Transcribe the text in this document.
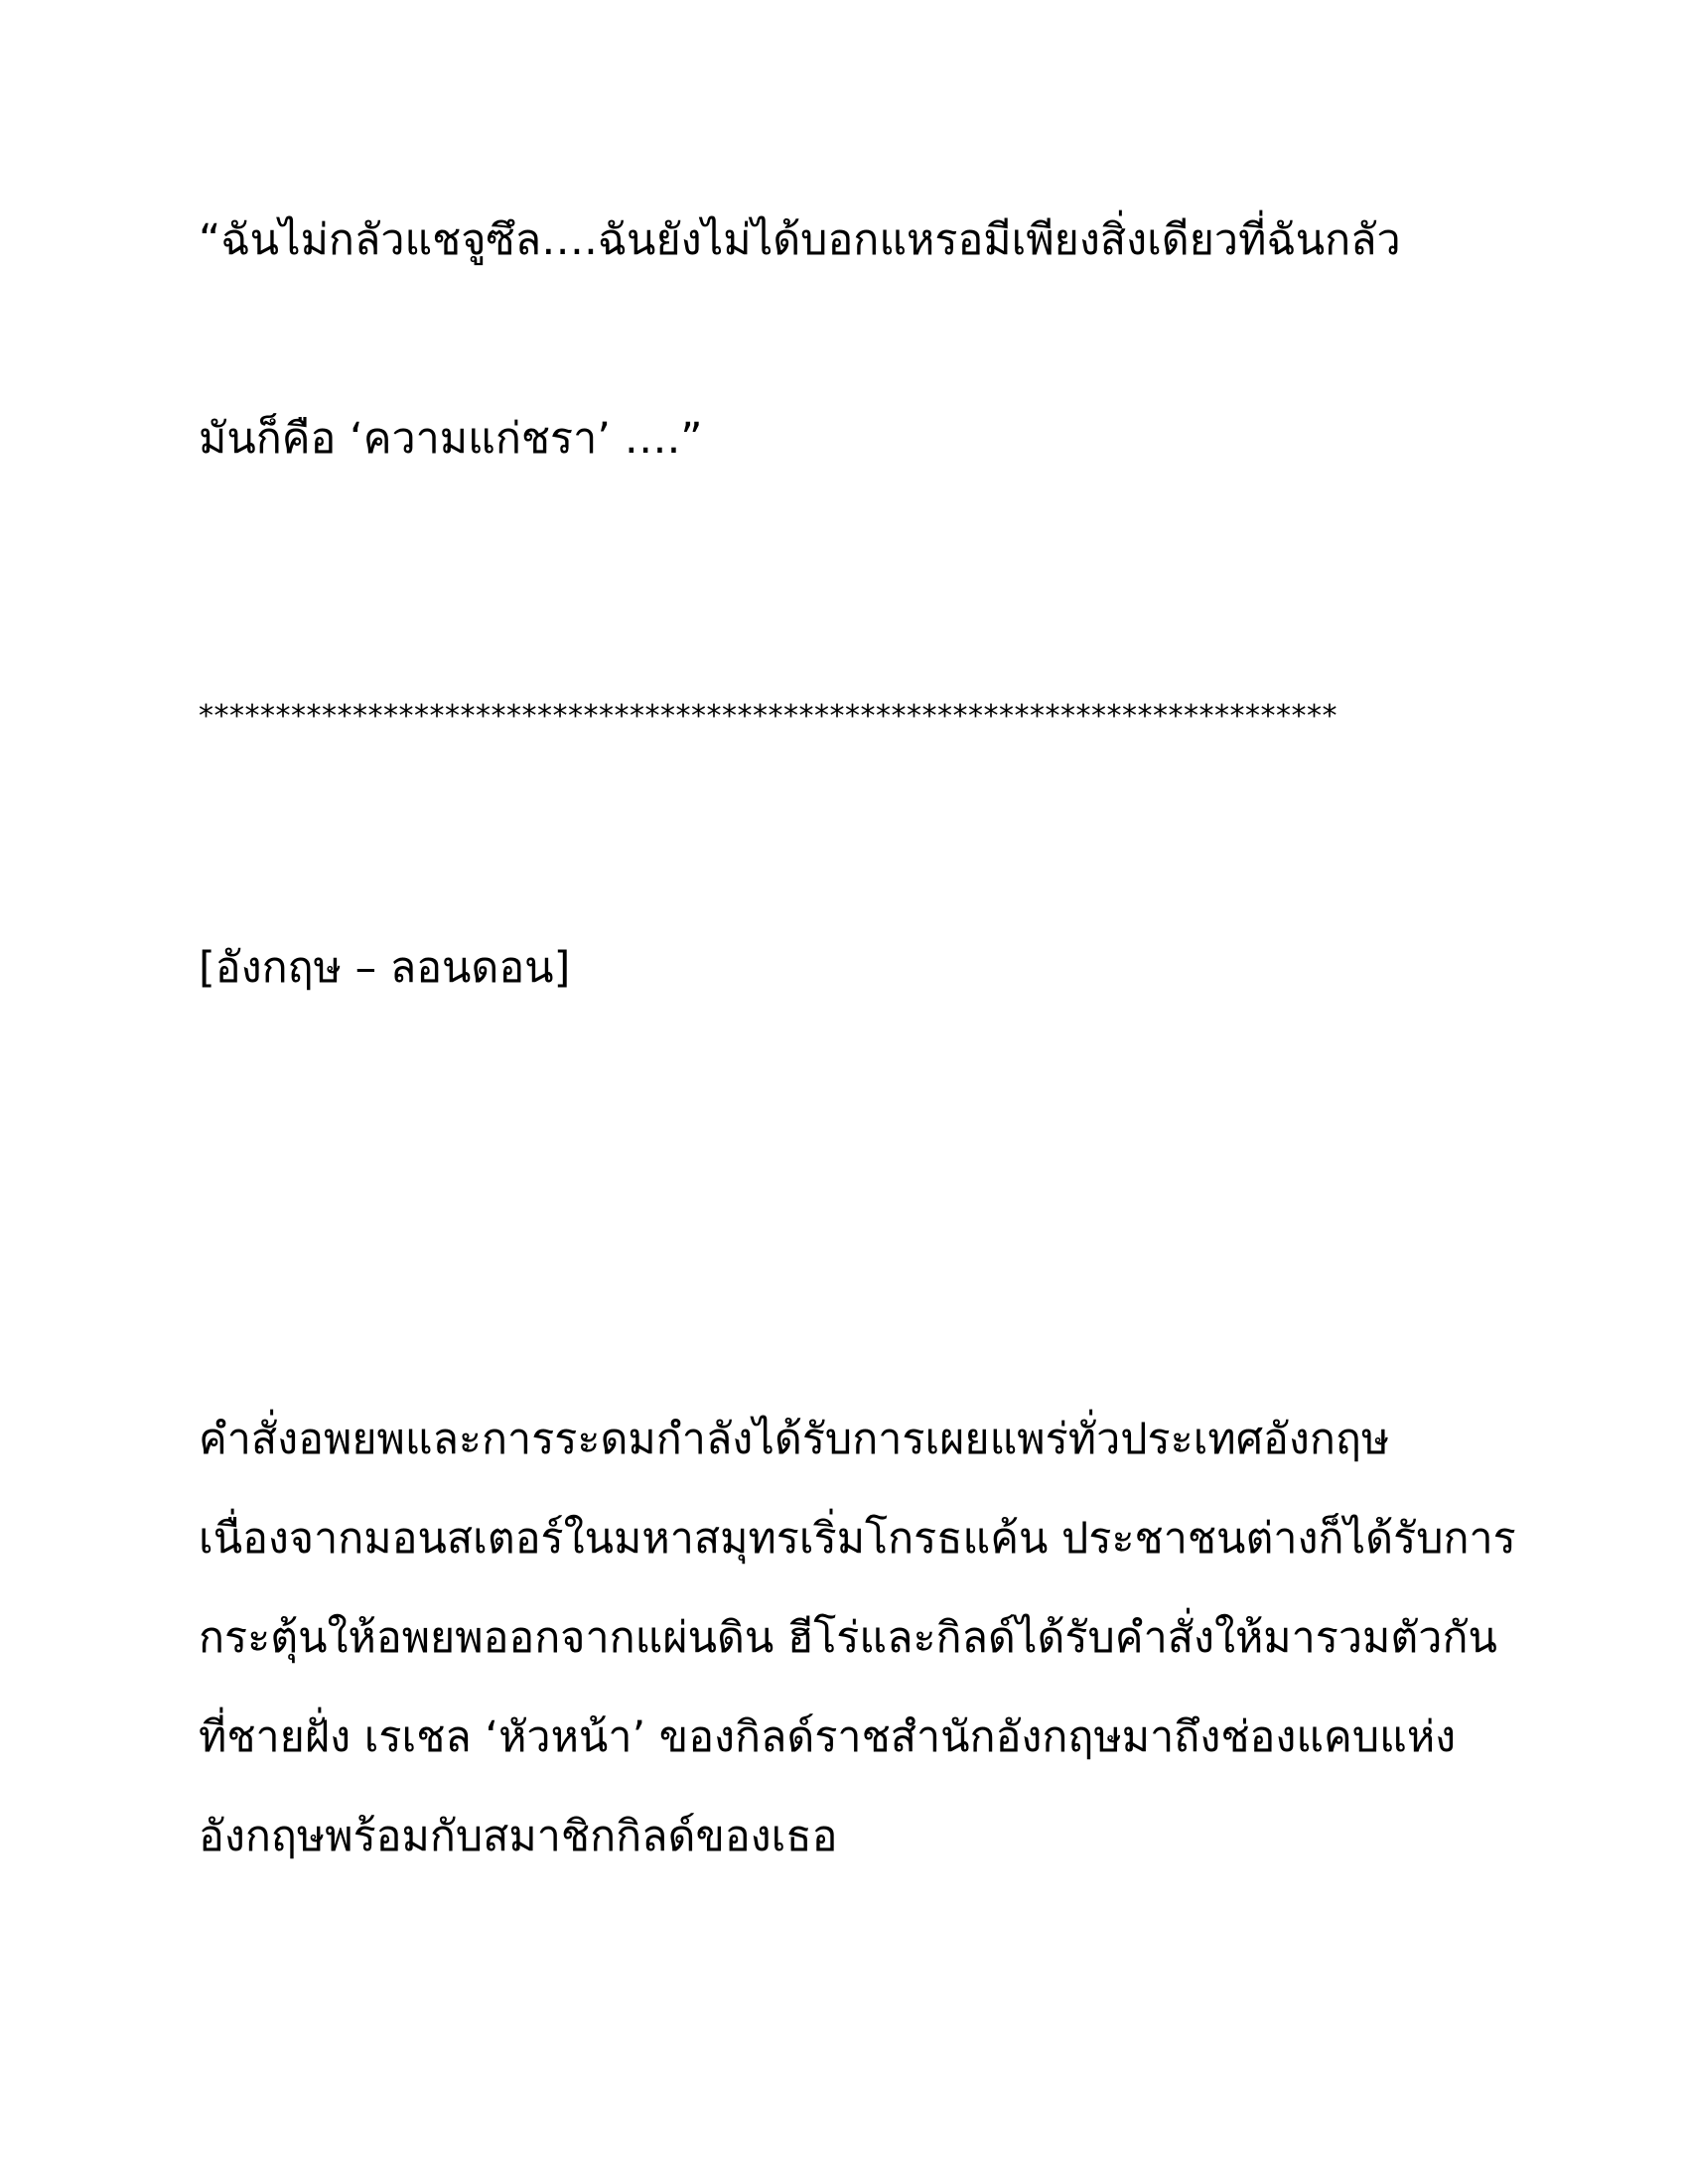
“ฉันไม่กลัวแชจูซึล….ฉันยังไม่ได้บอกแหรอมีเพียงสิ่งเดียวที่ฉันกลัว

มันก็คือ ‘ความแก่ชรา’ ….”

**************************************************************************

[อังกฤษ – ลอนดอน]

คำสั่งอพยพและการระดมกำลังได้รับการเผยแพร่ทั่วประเทศอังกฤษ

เนื่องจากมอนสเตอร์ในมหาสมุทรเริ่มโกรธแค้น ประชาชนต่างก็ได้รับการ

กระตุ้นให้อพยพออกจากแผ่นดิน ฮีโร่และกิลด์ได้รับคำสั่งให้มารวมตัวกัน

ที่ชายฝั่ง เรเชล ‘หัวหน้า’ ของกิลด์ราชสำนักอังกฤษมาถึงช่องแคบแห่ง

อังกฤษพร้อมกับสมาชิกกิลด์ของเธอ
